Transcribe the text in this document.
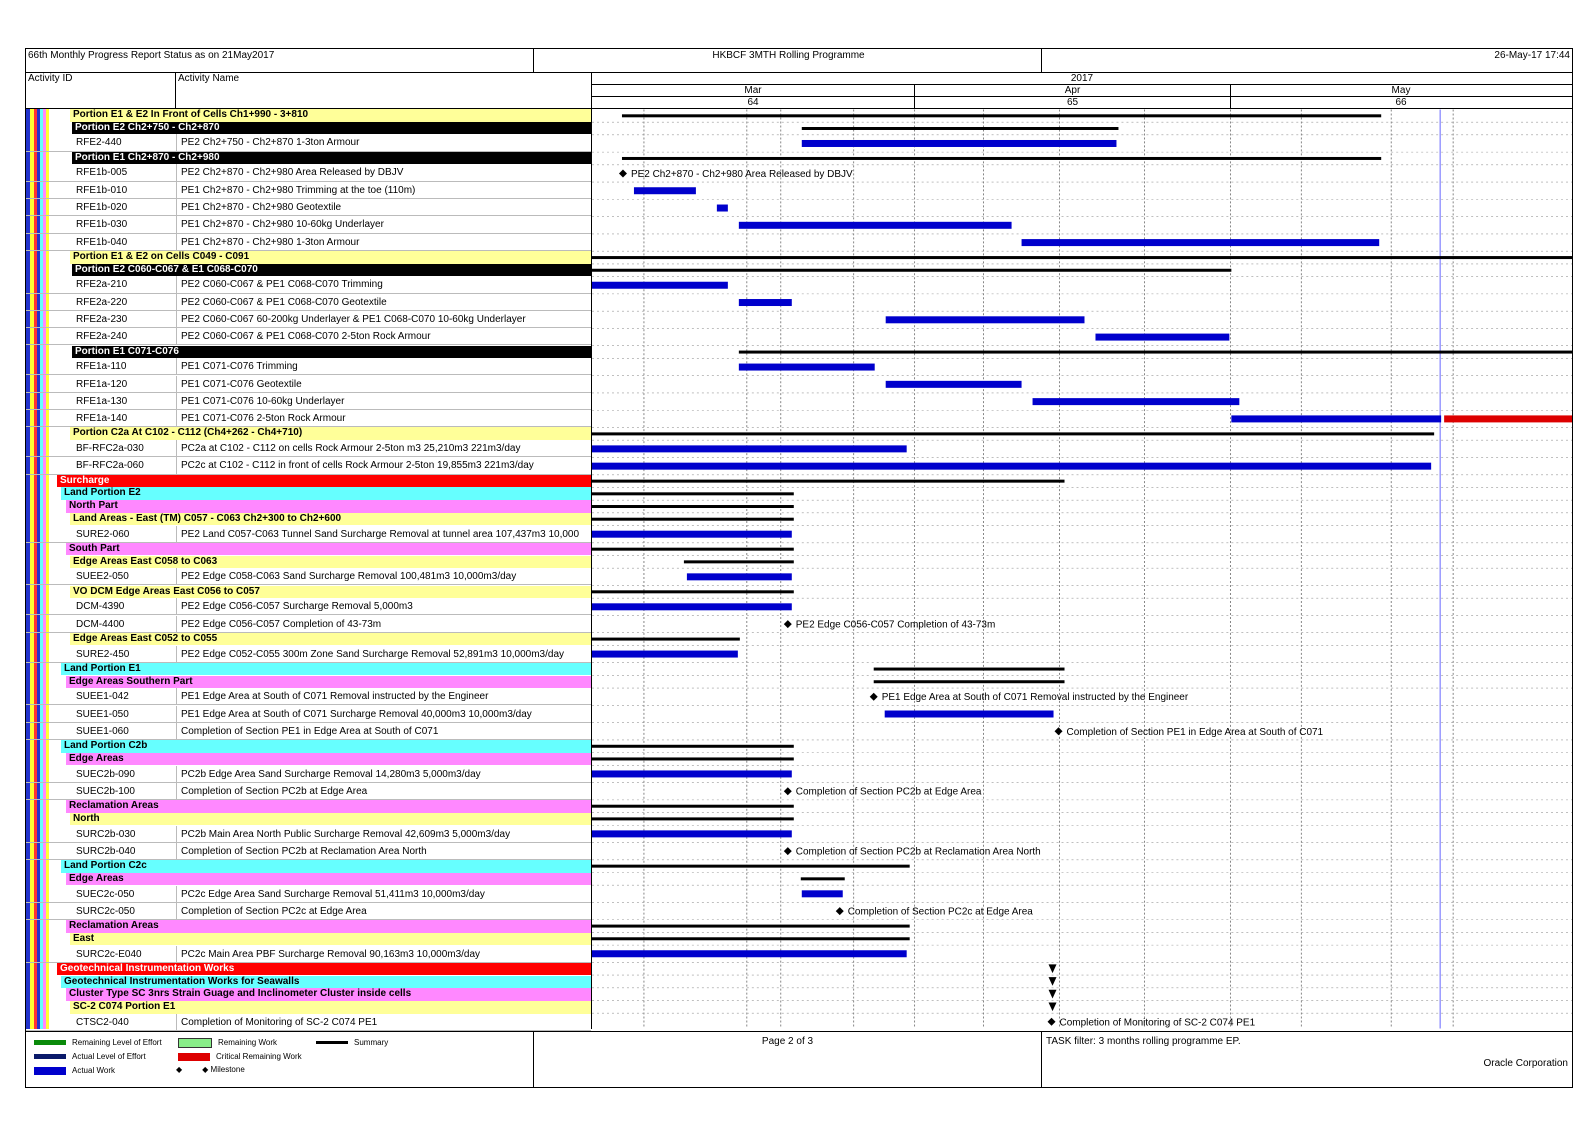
66th Monthly Progress Report Status as on 21May2017	HKBCF 3MTH Rolling Programme	26-May-17 17:44
Activity ID	Activity Name	2017
Mar	Apr	May
64	65	66
Portion E1 & E2 In Front of Cells Ch1+990 - 3+810
Portion E2 Ch2+750 - Ch2+870
RFE2-440	PE2 Ch2+750 - Ch2+870 1-3ton Armour
Portion E1 Ch2+870 - Ch2+980
RFE1b-005	PE2 Ch2+870 - Ch2+980 Area Released by DBJV
RFE1b-010	PE1 Ch2+870 - Ch2+980 Trimming at the toe (110m)
RFE1b-020	PE1 Ch2+870 - Ch2+980 Geotextile
RFE1b-030	PE1 Ch2+870 - Ch2+980 10-60kg Underlayer
RFE1b-040	PE1 Ch2+870 - Ch2+980 1-3ton Armour
Portion E1 & E2 on Cells C049 - C091
Portion E2 C060-C067 & E1 C068-C070
RFE2a-210	PE2 C060-C067 & PE1 C068-C070 Trimming
RFE2a-220	PE2 C060-C067 & PE1 C068-C070 Geotextile
RFE2a-230	PE2 C060-C067 60-200kg Underlayer & PE1 C068-C070 10-60kg Underlayer
RFE2a-240	PE2 C060-C067 & PE1 C068-C070 2-5ton Rock Armour
Portion E1 C071-C076
RFE1a-110	PE1 C071-C076 Trimming
RFE1a-120	PE1 C071-C076 Geotextile
RFE1a-130	PE1 C071-C076 10-60kg Underlayer
RFE1a-140	PE1 C071-C076 2-5ton Rock Armour
Portion C2a At C102 - C112 (Ch4+262 - Ch4+710)
BF-RFC2a-030	PC2a at C102 - C112 on cells Rock Armour 2-5ton m3 25,210m3 221m3/day
BF-RFC2a-060	PC2c at C102 - C112 in front of cells Rock Armour 2-5ton 19,855m3 221m3/day
Surcharge
Land Portion E2
North Part
Land Areas - East (TM) C057 - C063 Ch2+300 to Ch2+600
SURE2-060	PE2 Land C057-C063 Tunnel Sand Surcharge Removal at tunnel area 107,437m3 10,000
South Part
Edge Areas East C058 to C063
SUEE2-050	PE2 Edge C058-C063 Sand Surcharge Removal 100,481m3 10,000m3/day
VO DCM Edge Areas East C056 to C057
DCM-4390	PE2 Edge C056-C057 Surcharge Removal 5,000m3
DCM-4400	PE2 Edge C056-C057 Completion of 43-73m
Edge Areas East C052 to C055
SURE2-450	PE2 Edge C052-C055 300m Zone Sand Surcharge Removal 52,891m3 10,000m3/day
Land Portion E1
Edge Areas Southern Part
SUEE1-042	PE1 Edge Area at South of C071 Removal instructed by the Engineer
SUEE1-050	PE1 Edge Area at South of C071 Surcharge Removal 40,000m3 10,000m3/day
SUEE1-060	Completion of Section PE1 in Edge Area at South of C071
Land Portion C2b
Edge Areas
SUEC2b-090	PC2b Edge Area Sand Surcharge Removal 14,280m3 5,000m3/day
SUEC2b-100	Completion of Section PC2b at Edge Area
Reclamation Areas
North
SURC2b-030	PC2b Main Area North Public Surcharge Removal 42,609m3 5,000m3/day
SURC2b-040	Completion of Section PC2b at Reclamation Area North
Land Portion C2c
Edge Areas
SUEC2c-050	PC2c Edge Area Sand Surcharge Removal 51,411m3 10,000m3/day
SURC2c-050	Completion of Section PC2c at Edge Area
Reclamation Areas
East
SURC2c-E040	PC2c Main Area PBF Surcharge Removal 90,163m3 10,000m3/day
Geotechnical Instrumentation Works
Geotechnical Instrumentation Works for Seawalls
Cluster Type SC 3nrs Strain Guage and Inclinometer Cluster inside cells
SC-2 C074 Portion E1
CTSC2-040	Completion of Monitoring of SC-2 C074 PE1
PE2 Ch2+870 - Ch2+980 Area Released by DBJV
PE2 Edge C056-C057 Completion of 43-73m
PE1 Edge Area at South of C071 Removal instructed by the Engineer
Completion of Section PE1 in Edge Area at South of C071
Completion of Section PC2b at Edge Area
Completion of Section PC2b at Reclamation Area North
Completion of Section PC2c at Edge Area
Completion of Monitoring of SC-2 C074 PE1
Remaining Level of Effort
Actual Level of Effort
Actual Work
Remaining Work
Critical Remaining Work
◆         ◆ Milestone
Summary	Page 2 of 3	TASK filter: 3 months rolling programme EP.
Oracle Corporation
